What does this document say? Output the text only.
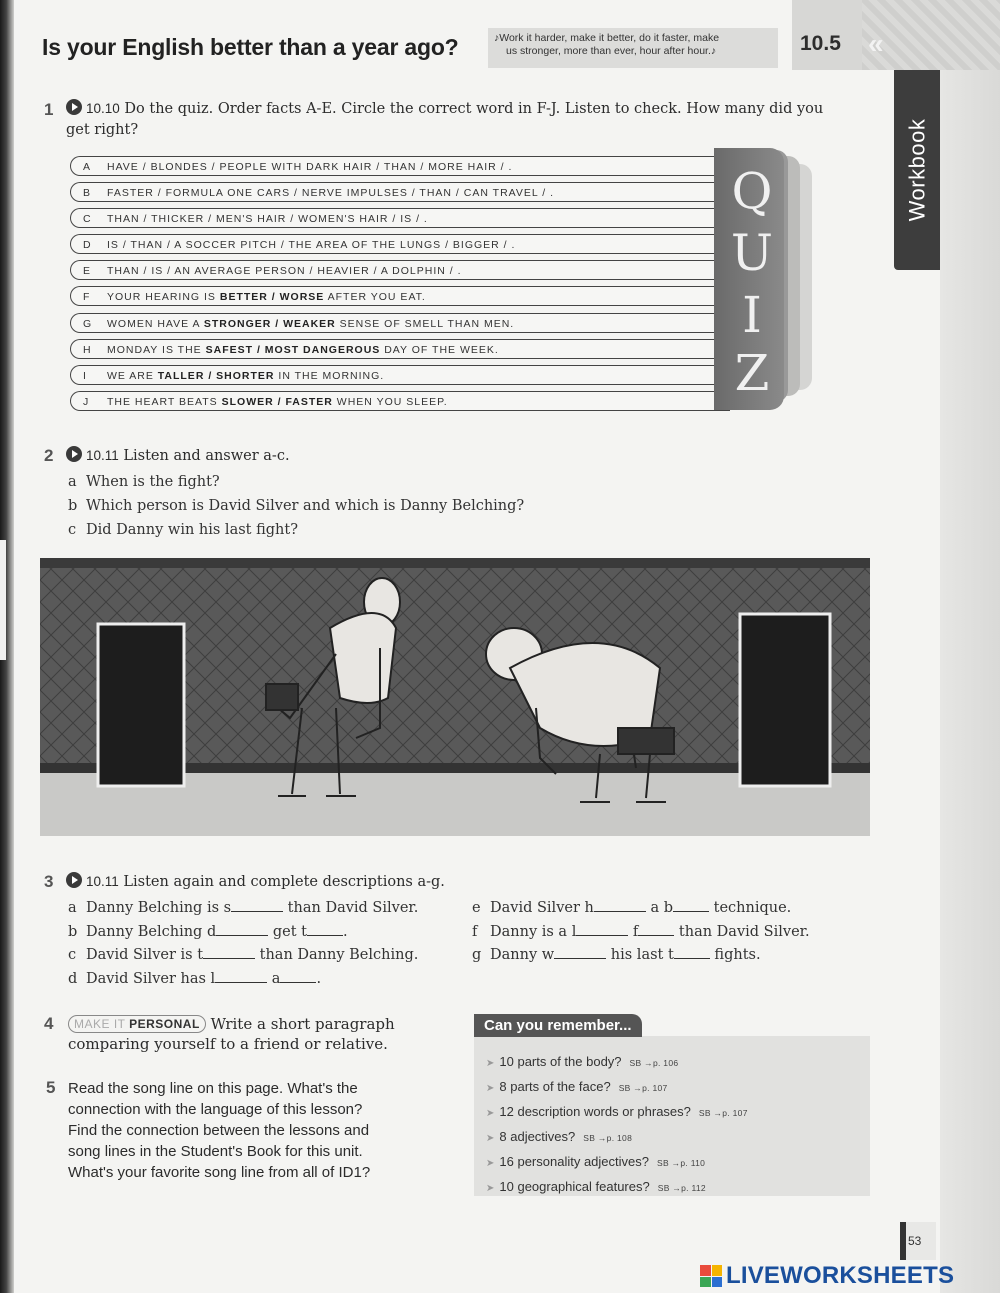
Is your English better than a year ago?	♪Work it harder, make it better, do it faster, make
us stronger, more than ever, hour after hour.♪	10.5 «
Workbook
1	10.10 Do the quiz. Order facts A-E. Circle the correct word in F-J. Listen to check. How many did you
get right?
A HAVE / BLONDES / PEOPLE WITH DARK HAIR / THAN / MORE HAIR / .
B FASTER / FORMULA ONE CARS / NERVE IMPULSES / THAN / CAN TRAVEL / .
C THAN / THICKER / MEN'S HAIR / WOMEN'S HAIR / IS / .
D IS / THAN / A SOCCER PITCH / THE AREA OF THE LUNGS / BIGGER / .
E THAN / IS / AN AVERAGE PERSON / HEAVIER / A DOLPHIN / .
F YOUR HEARING IS BETTER / WORSE AFTER YOU EAT.
G WOMEN HAVE A STRONGER / WEAKER SENSE OF SMELL THAN MEN.
H MONDAY IS THE SAFEST / MOST DANGEROUS DAY OF THE WEEK.
I WE ARE TALLER / SHORTER IN THE MORNING.
J THE HEART BEATS SLOWER / FASTER WHEN YOU SLEEP.
Q
U
I
Z
2	10.11 Listen and answer a-c.
a When is the fight?
b Which person is David Silver and which is Danny Belching?
c Did Danny win his last fight?
3	10.11 Listen again and complete descriptions a-g.
a Danny Belching is s	than David Silver.
b Danny Belching d	get t .
c David Silver is t	than Danny Belching.
d David Silver has l	a .
e David Silver h	a b technique.
f Danny is a l	f than David Silver.
g Danny w	his last t fights.
4	MAKE IT PERSONAL Write a short paragraph
comparing yourself to a friend or relative.
5 Read the song line on this page. What's the
connection with the language of this lesson?
Find the connection between the lessons and
song lines in the Student's Book for this unit.
What's your favorite song line from all of ID1?
Can you remember...
➤ 10 parts of the body? SB →p. 106
➤ 8 parts of the face? SB →p. 107
➤ 12 description words or phrases? SB →p. 107
➤ 8 adjectives? SB →p. 108
➤ 16 personality adjectives? SB →p. 110
➤ 10 geographical features? SB →p. 112
53
LIVEWORKSHEETS
